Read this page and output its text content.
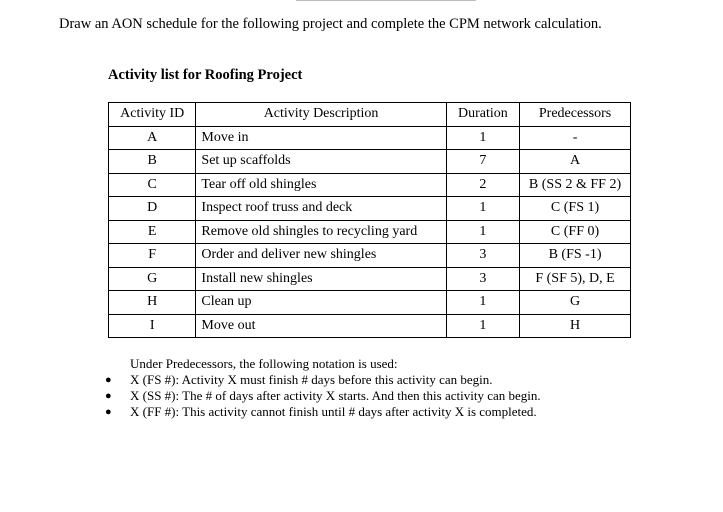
Draw an AON schedule for the following project and complete the CPM network calculation.
Activity list for Roofing Project
Activity ID	Activity Description	Duration	Predecessors
A	Move in	1	-
B	Set up scaffolds	7	A
C	Tear off old shingles	2	B (SS 2 & FF 2)
D	Inspect roof truss and deck	1	C (FS 1)
E	Remove old shingles to recycling yard	1	C (FF 0)
F	Order and deliver new shingles	3	B (FS -1)
G	Install new shingles	3	F (SF 5), D, E
H	Clean up	1	G
I	Move out	1	H
Under Predecessors, the following notation is used:
● X (FS #): Activity X must finish # days before this activity can begin.
● X (SS #): The # of days after activity X starts. And then this activity can begin.
● X (FF #): This activity cannot finish until # days after activity X is completed.
